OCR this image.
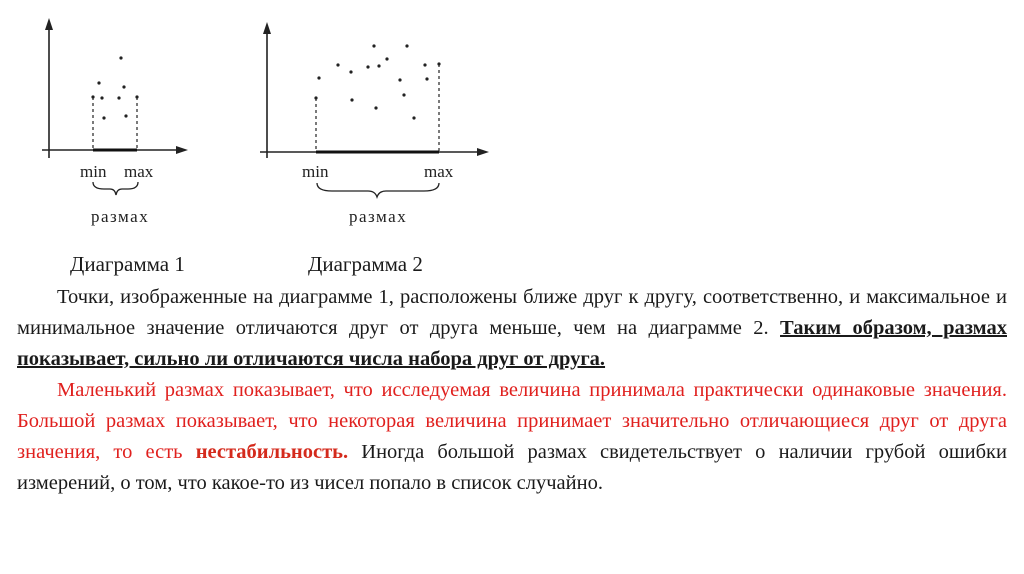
min max
размах
min	max
размах
Диаграмма 1	Диаграмма 2

Точки, изображенные на диаграмме 1, расположены ближе друг к другу, соответственно, и максимальное и минимальное значение отличаются друг от друга меньше, чем на диаграмме 2. Таким образом, размах показывает, сильно ли отличаются числа набора друг от друга.

Маленький размах показывает, что исследуемая величина принимала практически одинаковые значения. Большой размах показывает, что некоторая величина принимает значительно отличающиеся друг от друга значения, то есть нестабильность. Иногда большой размах свидетельствует о наличии грубой ошибки измерений, о том, что какое-то из чисел попало в список случайно.
